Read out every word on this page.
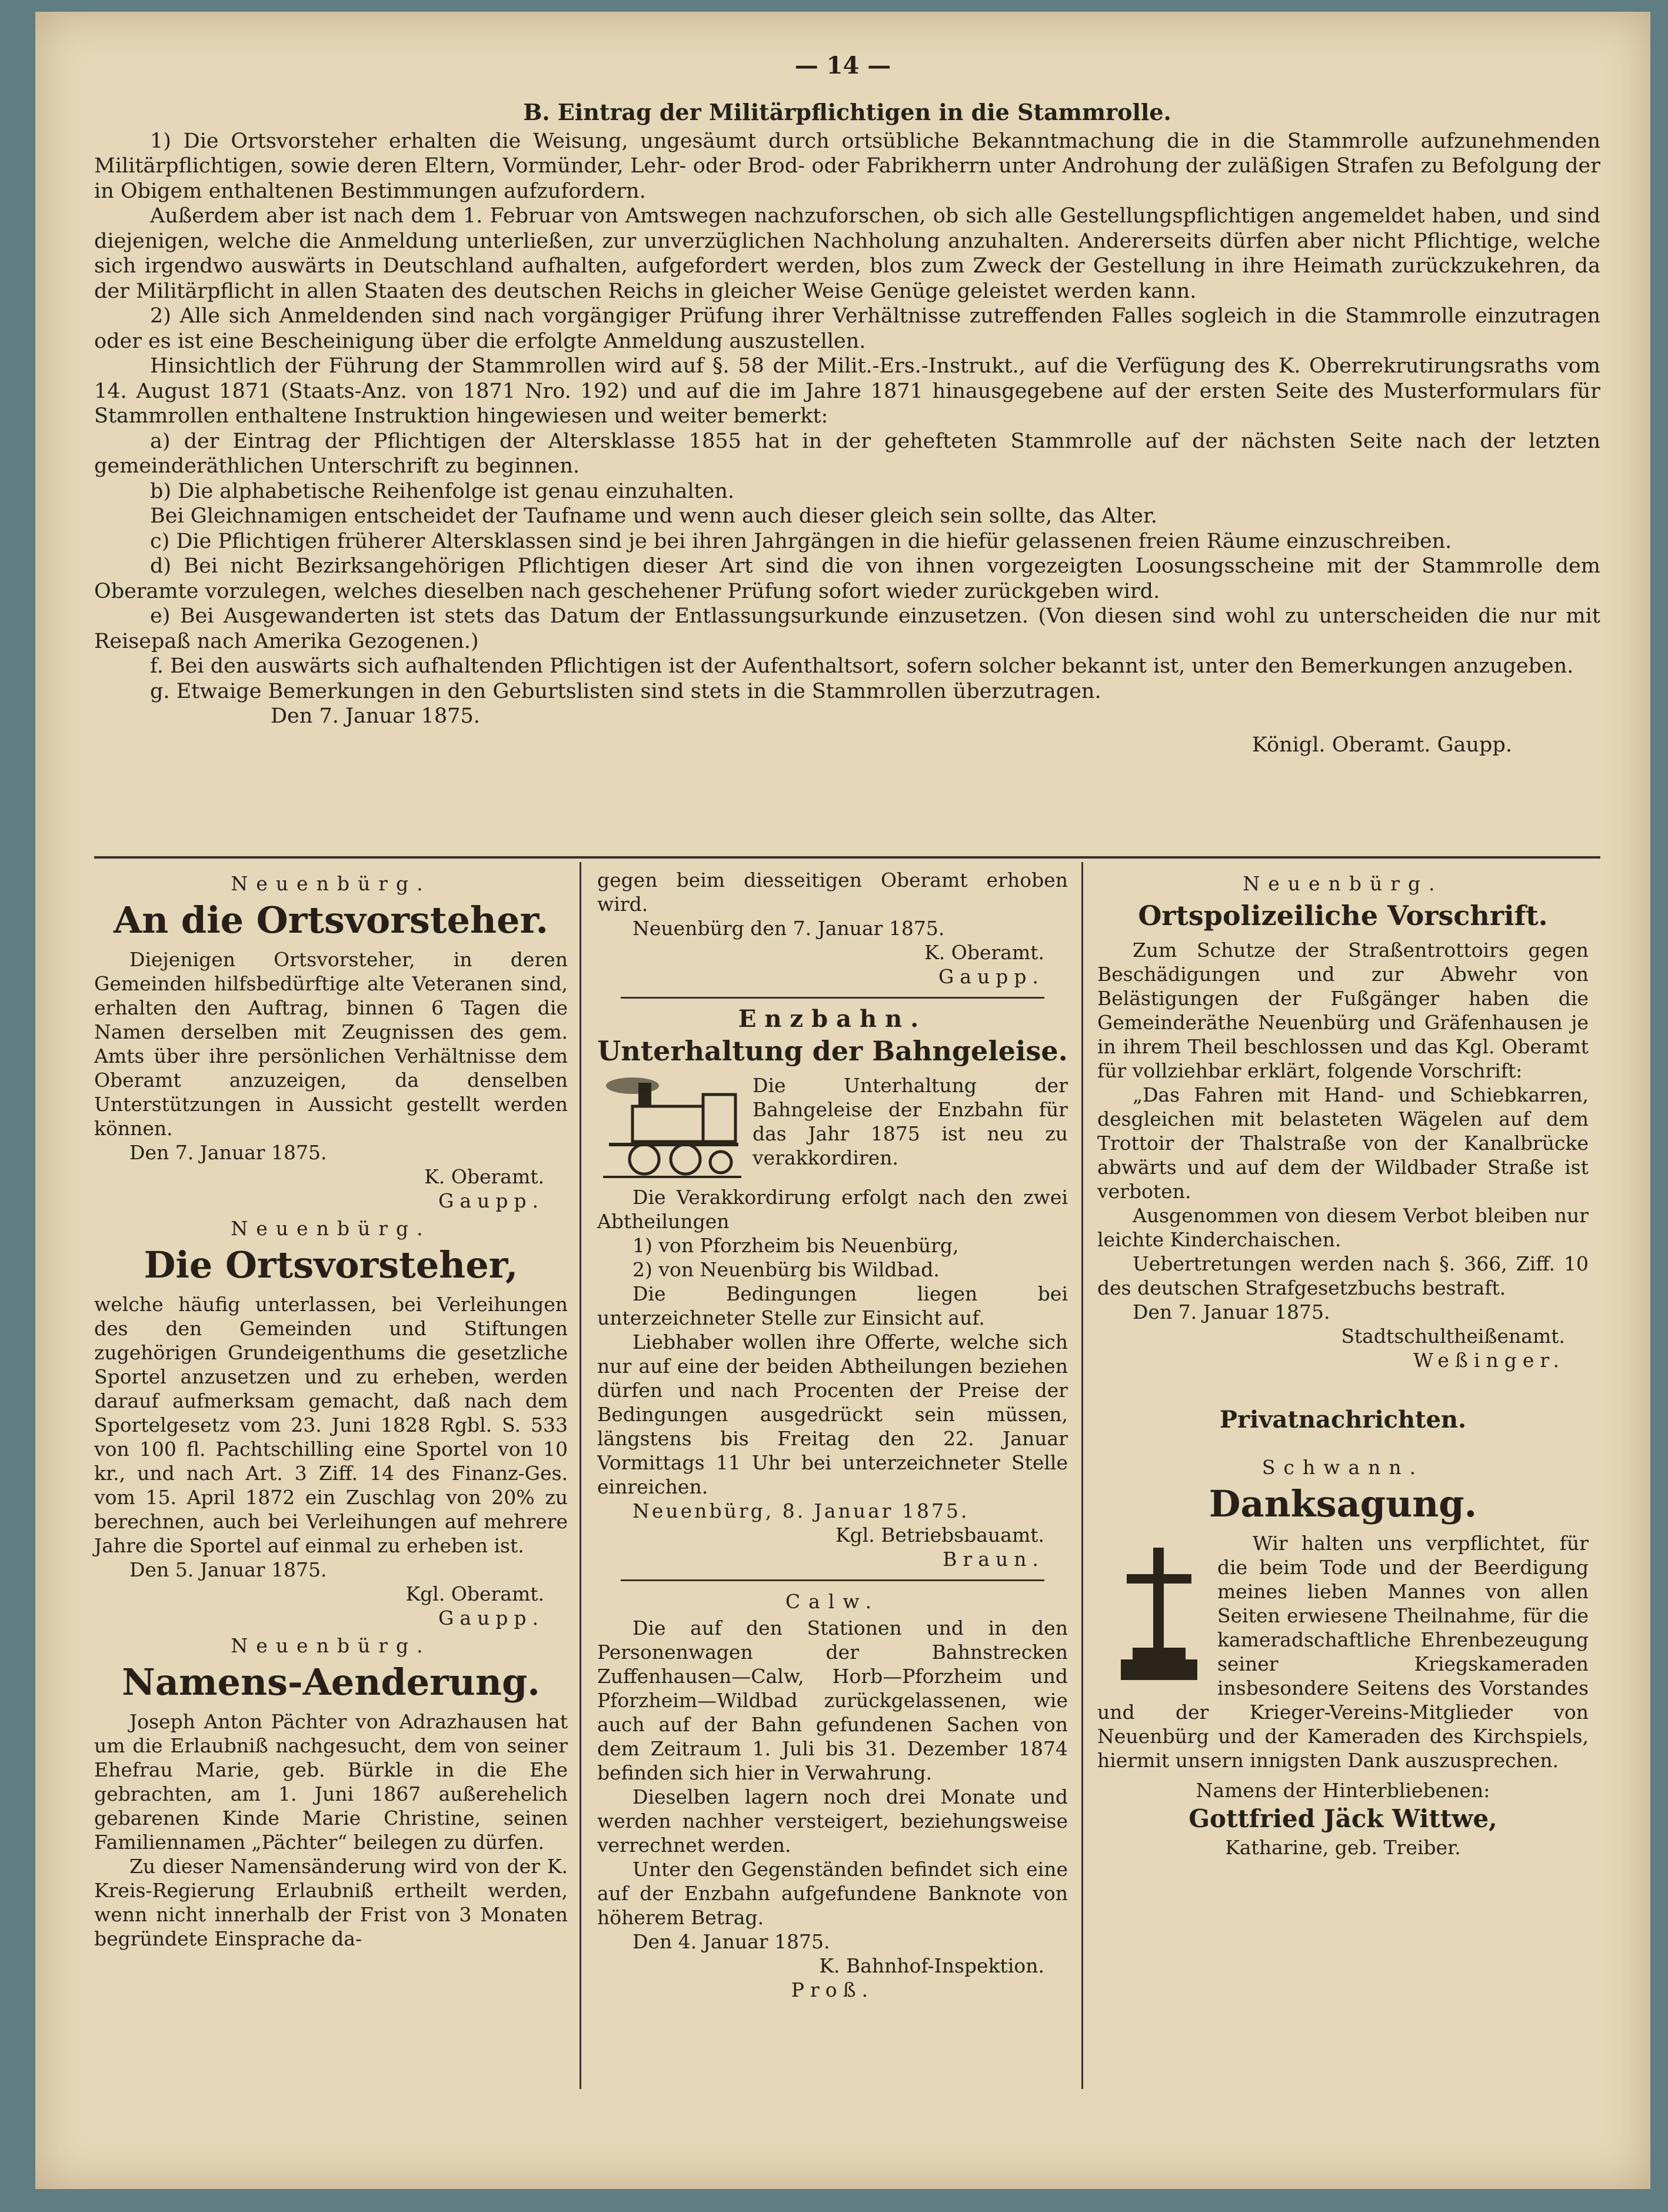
— 14 —
B. Eintrag der Militärpflichtigen in die Stammrolle.

1) Die Ortsvorsteher erhalten die Weisung, ungesäumt durch ortsübliche Bekanntmachung die in die Stammrolle aufzunehmenden Militärpflichtigen, sowie deren Eltern, Vormünder, Lehr- oder Brod- oder Fabrikherrn unter Androhung der zuläßigen Strafen zu Befolgung der in Obigem enthaltenen Bestimmungen aufzufordern.

Außerdem aber ist nach dem 1. Februar von Amtswegen nachzuforschen, ob sich alle Gestellungspflichtigen angemeldet haben, und sind diejenigen, welche die Anmeldung unterließen, zur unverzüglichen Nachholung anzuhalten. Andererseits dürfen aber nicht Pflichtige, welche sich irgendwo auswärts in Deutschland aufhalten, aufgefordert werden, blos zum Zweck der Gestellung in ihre Heimath zurückzukehren, da der Militärpflicht in allen Staaten des deutschen Reichs in gleicher Weise Genüge geleistet werden kann.

2) Alle sich Anmeldenden sind nach vorgängiger Prüfung ihrer Verhältnisse zutreffenden Falles sogleich in die Stammrolle einzutragen oder es ist eine Bescheinigung über die erfolgte Anmeldung auszustellen.

Hinsichtlich der Führung der Stammrollen wird auf §. 58 der Milit.-Ers.-Instrukt., auf die Verfügung des K. Oberrekrutirungsraths vom 14. August 1871 (Staats-Anz. von 1871 Nro. 192) und auf die im Jahre 1871 hinausgegebene auf der ersten Seite des Musterformulars für Stammrollen enthaltene Instruktion hingewiesen und weiter bemerkt:

a) der Eintrag der Pflichtigen der Altersklasse 1855 hat in der gehefteten Stammrolle auf der nächsten Seite nach der letzten gemeinderäthlichen Unterschrift zu beginnen.

b) Die alphabetische Reihenfolge ist genau einzuhalten.

Bei Gleichnamigen entscheidet der Taufname und wenn auch dieser gleich sein sollte, das Alter.

c) Die Pflichtigen früherer Altersklassen sind je bei ihren Jahrgängen in die hiefür gelassenen freien Räume einzuschreiben.

d) Bei nicht Bezirksangehörigen Pflichtigen dieser Art sind die von ihnen vorgezeigten Loosungsscheine mit der Stammrolle dem Oberamte vorzulegen, welches dieselben nach geschehener Prüfung sofort wieder zurückgeben wird.

e) Bei Ausgewanderten ist stets das Datum der Entlassungsurkunde einzusetzen. (Von diesen sind wohl zu unterscheiden die nur mit Reisepaß nach Amerika Gezogenen.)

f. Bei den auswärts sich aufhaltenden Pflichtigen ist der Aufenthaltsort, sofern solcher bekannt ist, unter den Bemerkungen anzugeben.

g. Etwaige Bemerkungen in den Geburtslisten sind stets in die Stammrollen überzutragen.

Den 7. Januar 1875.

Königl. Oberamt. Gaupp.

Neuenbürg.
An die Ortsvorsteher.

Diejenigen Ortsvorsteher, in deren Gemeinden hilfsbedürftige alte Veteranen sind, erhalten den Auftrag, binnen 6 Tagen die Namen derselben mit Zeugnissen des gem. Amts über ihre persönlichen Verhältnisse dem Oberamt anzuzeigen, da denselben Unterstützungen in Aussicht gestellt werden können.

Den 7. Januar 1875.

K. Oberamt.

Gaupp.

Neuenbürg.
Die Ortsvorsteher,

welche häufig unterlassen, bei Verleihungen des den Gemeinden und Stiftungen zugehörigen Grundeigenthums die gesetzliche Sportel anzusetzen und zu erheben, werden darauf aufmerksam gemacht, daß nach dem Sportelgesetz vom 23. Juni 1828 Rgbl. S. 533 von 100 fl. Pachtschilling eine Sportel von 10 kr., und nach Art. 3 Ziff. 14 des Finanz-Ges. vom 15. April 1872 ein Zuschlag von 20% zu berechnen, auch bei Verleihungen auf mehrere Jahre die Sportel auf einmal zu erheben ist.

Den 5. Januar 1875.

Kgl. Oberamt.

Gaupp.

Neuenbürg.
Namens-Aenderung.

Joseph Anton Pächter von Adrazhausen hat um die Erlaubniß nachgesucht, dem von seiner Ehefrau Marie, geb. Bürkle in die Ehe gebrachten, am 1. Juni 1867 außerehelich gebarenen Kinde Marie Christine, seinen Familiennamen „Pächter“ beilegen zu dürfen.

Zu dieser Namensänderung wird von der K. Kreis-Regierung Erlaubniß ertheilt werden, wenn nicht innerhalb der Frist von 3 Monaten begründete Einsprache da-

gegen beim diesseitigen Oberamt erhoben wird.

Neuenbürg den 7. Januar 1875.

K. Oberamt.

Gaupp.

Enzbahn.
Unterhaltung der Bahngeleise.

Die Unterhaltung der Bahngeleise der Enzbahn für das Jahr 1875 ist neu zu verakkordiren.

Die Verakkordirung erfolgt nach den zwei Abtheilungen

1) von Pforzheim bis Neuenbürg,

2) von Neuenbürg bis Wildbad.

Die Bedingungen liegen bei unterzeichneter Stelle zur Einsicht auf.

Liebhaber wollen ihre Offerte, welche sich nur auf eine der beiden Abtheilungen beziehen dürfen und nach Procenten der Preise der Bedingungen ausgedrückt sein müssen, längstens bis Freitag den 22. Januar Vormittags 11 Uhr bei unterzeichneter Stelle einreichen.

Neuenbürg, 8. Januar 1875.

Kgl. Betriebsbauamt.

Braun.

Calw.

Die auf den Stationen und in den Personenwagen der Bahnstrecken Zuffenhausen—Calw, Horb—Pforzheim und Pforzheim—Wildbad zurückgelassenen, wie auch auf der Bahn gefundenen Sachen von dem Zeitraum 1. Juli bis 31. Dezember 1874 befinden sich hier in Verwahrung.

Dieselben lagern noch drei Monate und werden nachher versteigert, beziehungsweise verrechnet werden.

Unter den Gegenständen befindet sich eine auf der Enzbahn aufgefundene Banknote von höherem Betrag.

Den 4. Januar 1875.

K. Bahnhof-Inspektion.

Proß.

Neuenbürg.
Ortspolizeiliche Vorschrift.

Zum Schutze der Straßentrottoirs gegen Beschädigungen und zur Abwehr von Belästigungen der Fußgänger haben die Gemeinderäthe Neuenbürg und Gräfenhausen je in ihrem Theil beschlossen und das Kgl. Oberamt für vollziehbar erklärt, folgende Vorschrift:

„Das Fahren mit Hand- und Schiebkarren, desgleichen mit belasteten Wägelen auf dem Trottoir der Thalstraße von der Kanalbrücke abwärts und auf dem der Wildbader Straße ist verboten.

Ausgenommen von diesem Verbot bleiben nur leichte Kinderchaischen.

Uebertretungen werden nach §. 366, Ziff. 10 des deutschen Strafgesetzbuchs bestraft.

Den 7. Januar 1875.

Stadtschultheißenamt.

Weßinger.

Privatnachrichten.
Schwann.
Danksagung.

Wir halten uns verpflichtet, für die beim Tode und der Beerdigung meines lieben Mannes von allen Seiten erwiesene Theilnahme, für die kameradschaftliche Ehrenbezeugung seiner Kriegskameraden insbesondere Seitens des Vorstandes und der Krieger-Vereins-Mitglieder von Neuenbürg und der Kameraden des Kirchspiels, hiermit unsern innigsten Dank auszusprechen.

Namens der Hinterbliebenen:

Gottfried Jäck Wittwe,

Katharine, geb. Treiber.
